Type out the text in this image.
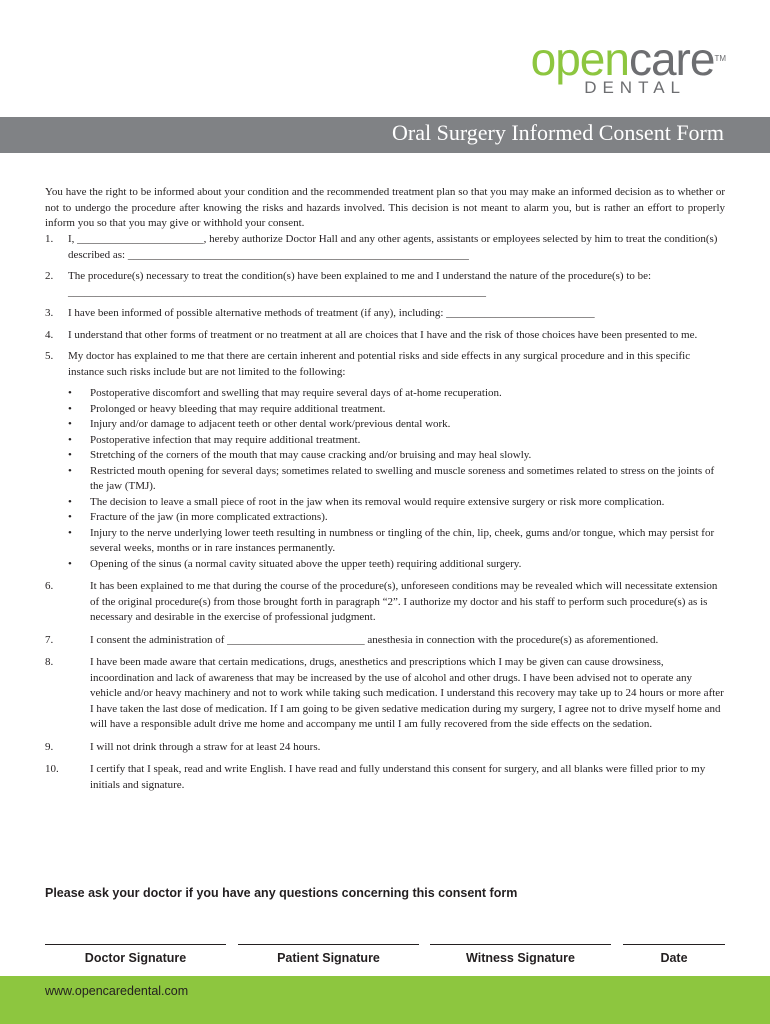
opencare™
DENTAL
Oral Surgery Informed Consent Form

You have the right to be informed about your condition and the recommended treatment plan so that you may make an informed decision as to whether or not to undergo the procedure after knowing the risks and hazards involved. This decision is not meant to alarm you, but is rather an effort to properly inform you so that you may give or withhold your consent.

1. I, _______________________, hereby authorize Doctor Hall and any other agents, assistants or employees selected by him to treat the condition(s) described as: ______________________________________________________________
2. The procedure(s) necessary to treat the condition(s) have been explained to me and I understand the nature of the procedure(s) to be: ____________________________________________________________________________
3. I have been informed of possible alternative methods of treatment (if any), including: ___________________________
4. I understand that other forms of treatment or no treatment at all are choices that I have and the risk of those choices have been presented to me.
5. My doctor has explained to me that there are certain inherent and potential risks and side effects in any surgical procedure and in this specific instance such risks include but are not limited to the following:
• Postoperative discomfort and swelling that may require several days of at-home recuperation.
• Prolonged or heavy bleeding that may require additional treatment.
• Injury and/or damage to adjacent teeth or other dental work/previous dental work.
• Postoperative infection that may require additional treatment.
• Stretching of the corners of the mouth that may cause cracking and/or bruising and may heal slowly.
• Restricted mouth opening for several days; sometimes related to swelling and muscle soreness and sometimes related to stress on the joints of the jaw (TMJ).
• The decision to leave a small piece of root in the jaw when its removal would require extensive surgery or risk more complication.
• Fracture of the jaw (in more complicated extractions).
• Injury to the nerve underlying lower teeth resulting in numbness or tingling of the chin, lip, cheek, gums and/or tongue, which may persist for several weeks, months or in rare instances permanently.
• Opening of the sinus (a normal cavity situated above the upper teeth) requiring additional surgery.
6.	It has been explained to me that during the course of the procedure(s), unforeseen conditions may be revealed which will necessitate extension of the original procedure(s) from those brought forth in paragraph “2”. I authorize my doctor and his staff to perform such procedure(s) as is necessary and desirable in the exercise of professional judgment.
7.	I consent the administration of _________________________ anesthesia in connection with the procedure(s) as aforementioned.
8.	I have been made aware that certain medications, drugs, anesthetics and prescriptions which I may be given can cause drowsiness, incoordination and lack of awareness that may be increased by the use of alcohol and other drugs. I have been advised not to operate any vehicle and/or heavy machinery and not to work while taking such medication. I understand this recovery may take up to 24 hours or more after I have taken the last dose of medication. If I am going to be given sedative medication during my surgery, I agree not to drive myself home and will have a responsible adult drive me home and accompany me until I am fully recovered from the side effects on the sedation.
9.	I will not drink through a straw for at least 24 hours.
10.	I certify that I speak, read and write English. I have read and fully understand this consent for surgery, and all blanks were filled prior to my initials and signature.
Please ask your doctor if you have any questions concerning this consent form
Doctor Signature	Patient Signature	Witness Signature	Date
www.opencaredental.com
